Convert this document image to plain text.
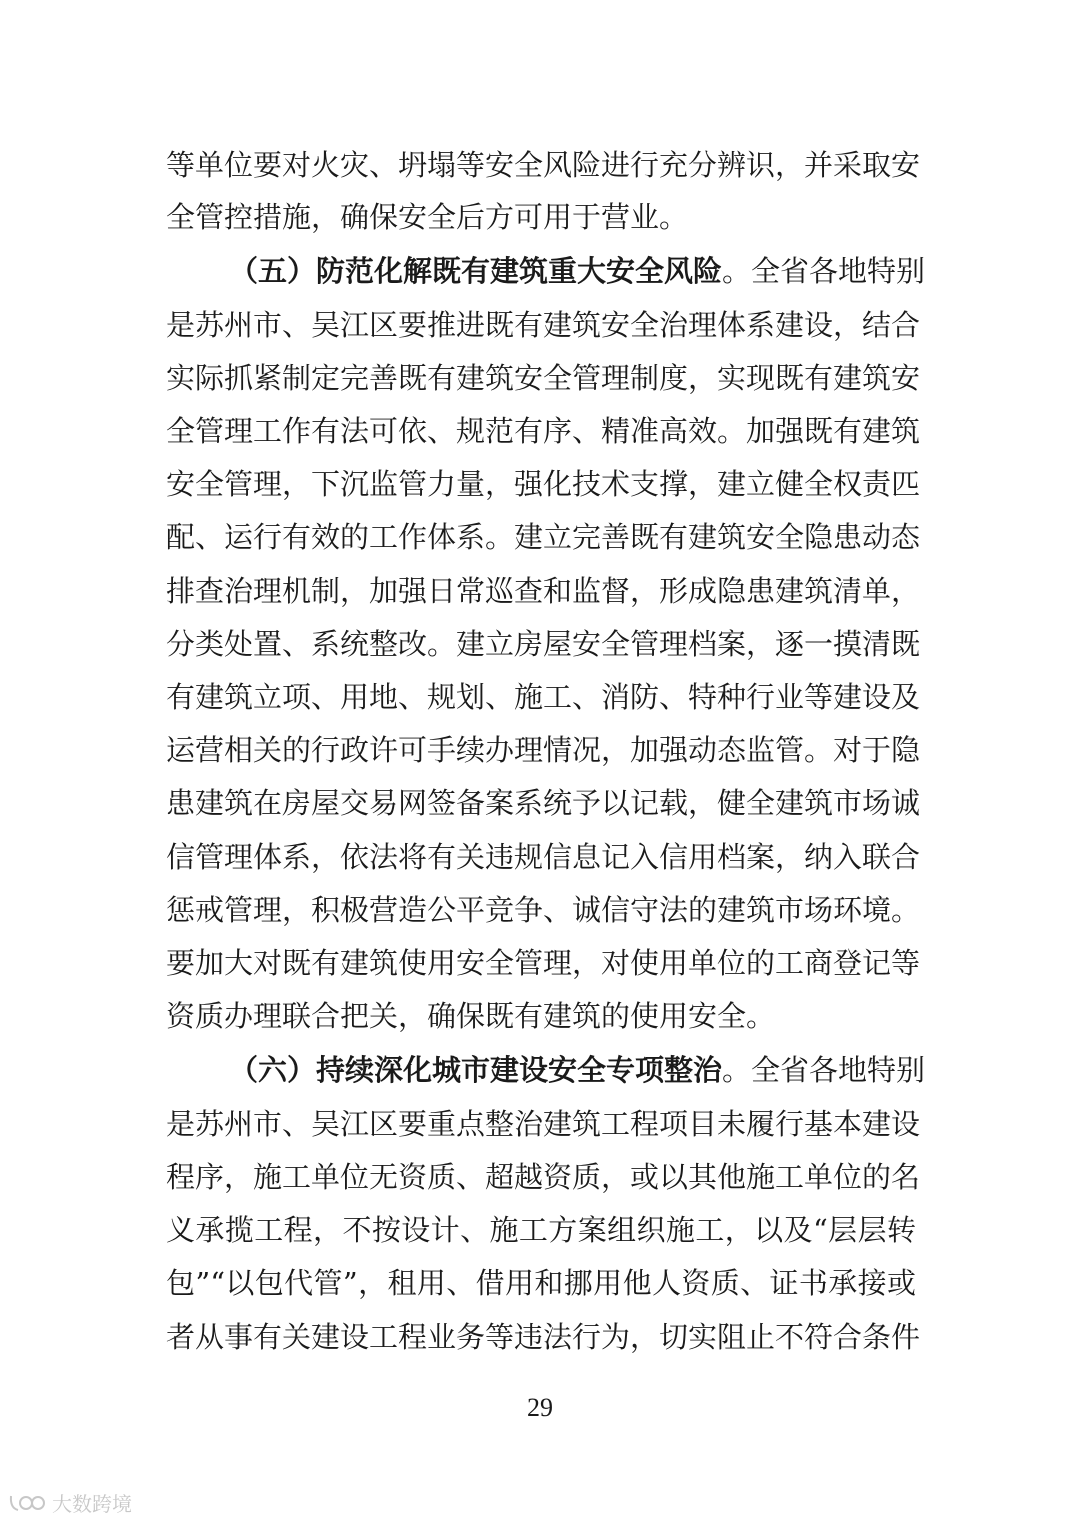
等单位要对火灾、坍塌等安全风险进行充分辨识，并采取安
全管控措施，确保安全后方可用于营业。
（五）防范化解既有建筑重大安全风险。全省各地特别
是苏州市、吴江区要推进既有建筑安全治理体系建设，结合
实际抓紧制定完善既有建筑安全管理制度，实现既有建筑安
全管理工作有法可依、规范有序、精准高效。加强既有建筑
安全管理，下沉监管力量，强化技术支撑，建立健全权责匹
配、运行有效的工作体系。建立完善既有建筑安全隐患动态
排查治理机制，加强日常巡查和监督，形成隐患建筑清单，
分类处置、系统整改。建立房屋安全管理档案，逐一摸清既
有建筑立项、用地、规划、施工、消防、特种行业等建设及
运营相关的行政许可手续办理情况，加强动态监管。对于隐
患建筑在房屋交易网签备案系统予以记载，健全建筑市场诚
信管理体系，依法将有关违规信息记入信用档案，纳入联合
惩戒管理，积极营造公平竞争、诚信守法的建筑市场环境。
要加大对既有建筑使用安全管理，对使用单位的工商登记等
资质办理联合把关，确保既有建筑的使用安全。
（六）持续深化城市建设安全专项整治。全省各地特别
是苏州市、吴江区要重点整治建筑工程项目未履行基本建设
程序，施工单位无资质、超越资质，或以其他施工单位的名
义承揽工程，不按设计、施工方案组织施工，以及“层层转
包”“以包代管”，租用、借用和挪用他人资质、证书承接或
者从事有关建设工程业务等违法行为，切实阻止不符合条件
29
大数跨境
